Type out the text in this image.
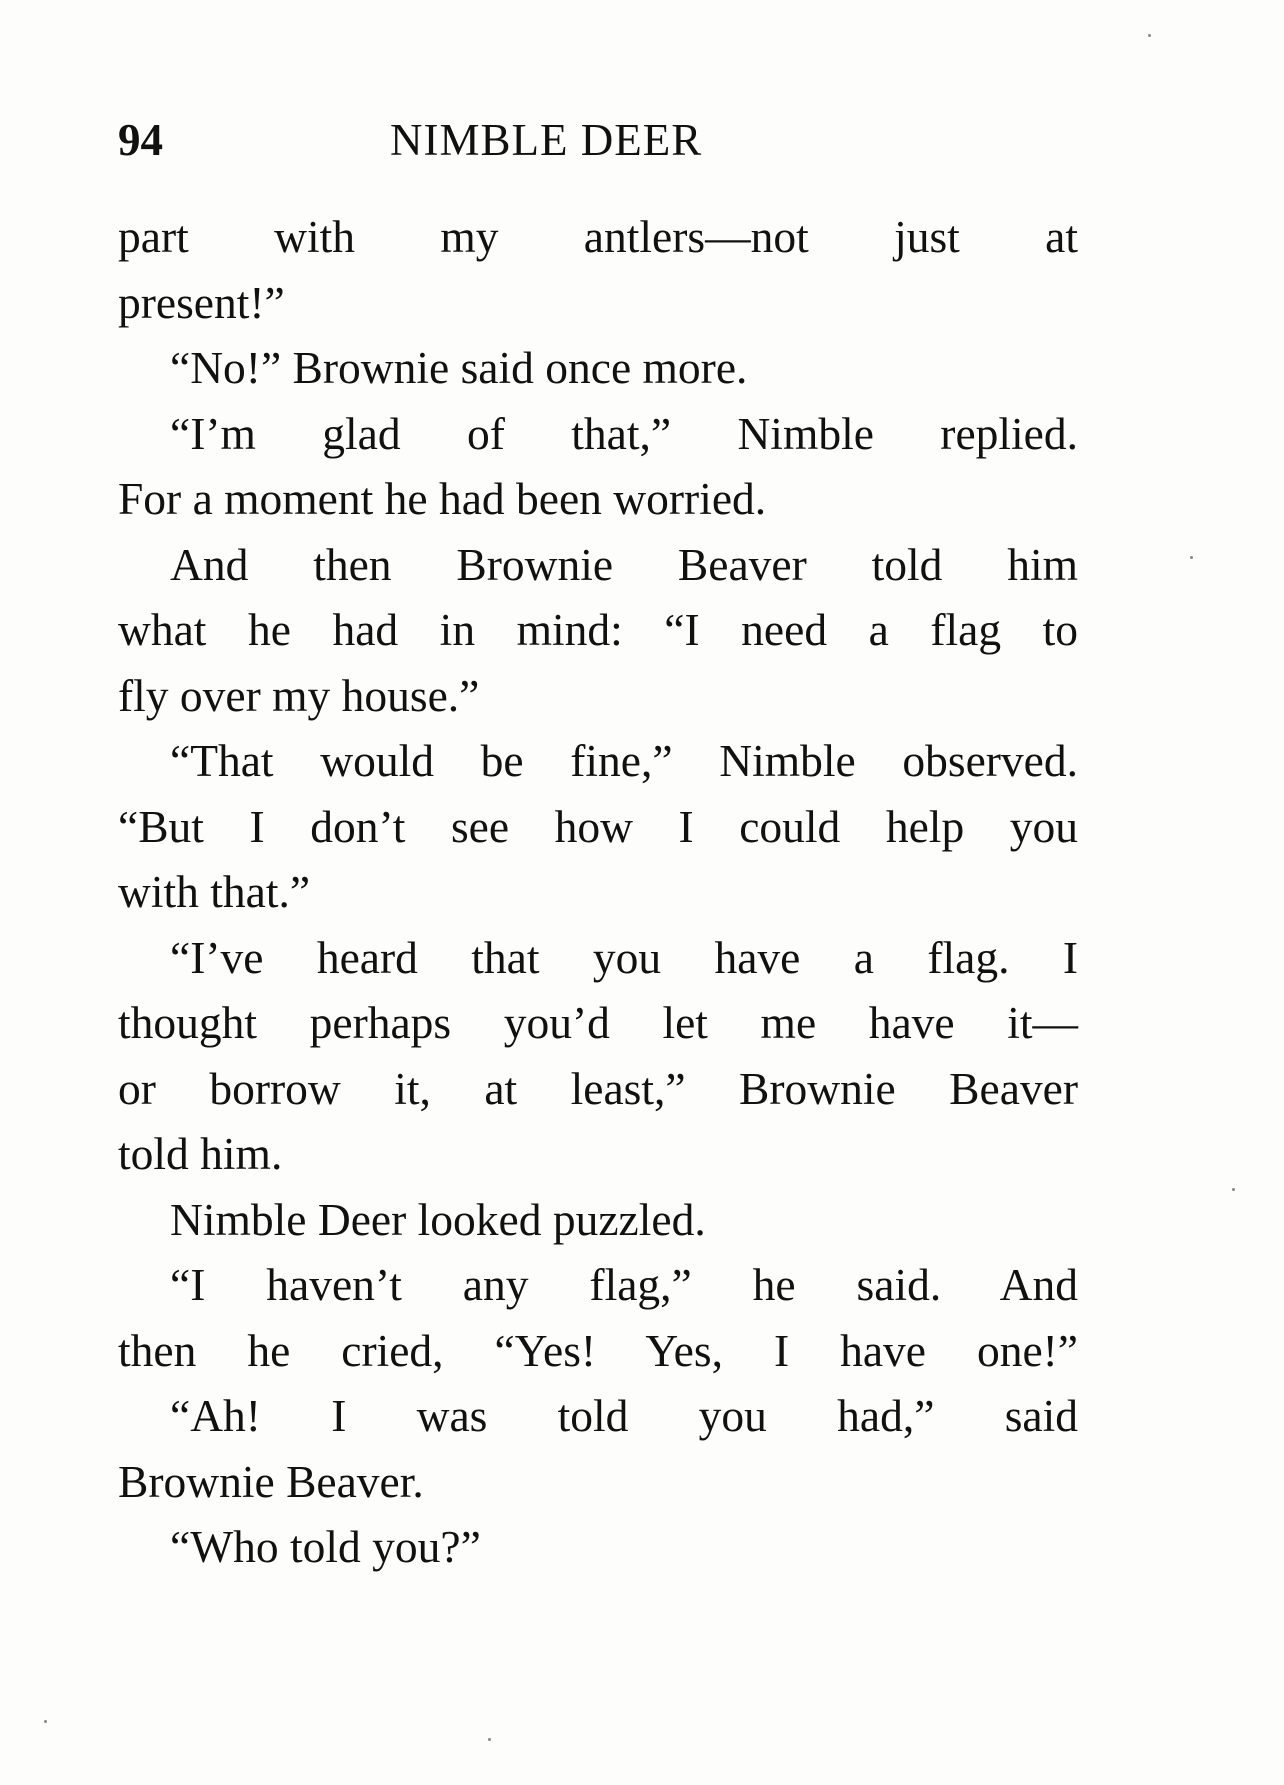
94	NIMBLE DEER
part with my antlers—not just at
present!”
“No!” Brownie said once more.
“I’m glad of that,” Nimble replied.
For a moment he had been worried.
And then Brownie Beaver told him
what he had in mind: “I need a flag to
fly over my house.”
“That would be fine,” Nimble observed.
“But I don’t see how I could help you
with that.”
“I’ve heard that you have a flag. I
thought perhaps you’d let me have it—
or borrow it, at least,” Brownie Beaver
told him.
Nimble Deer looked puzzled.
“I haven’t any flag,” he said. And
then he cried, “Yes! Yes, I have one!”
“Ah! I was told you had,” said
Brownie Beaver.
“Who told you?”
